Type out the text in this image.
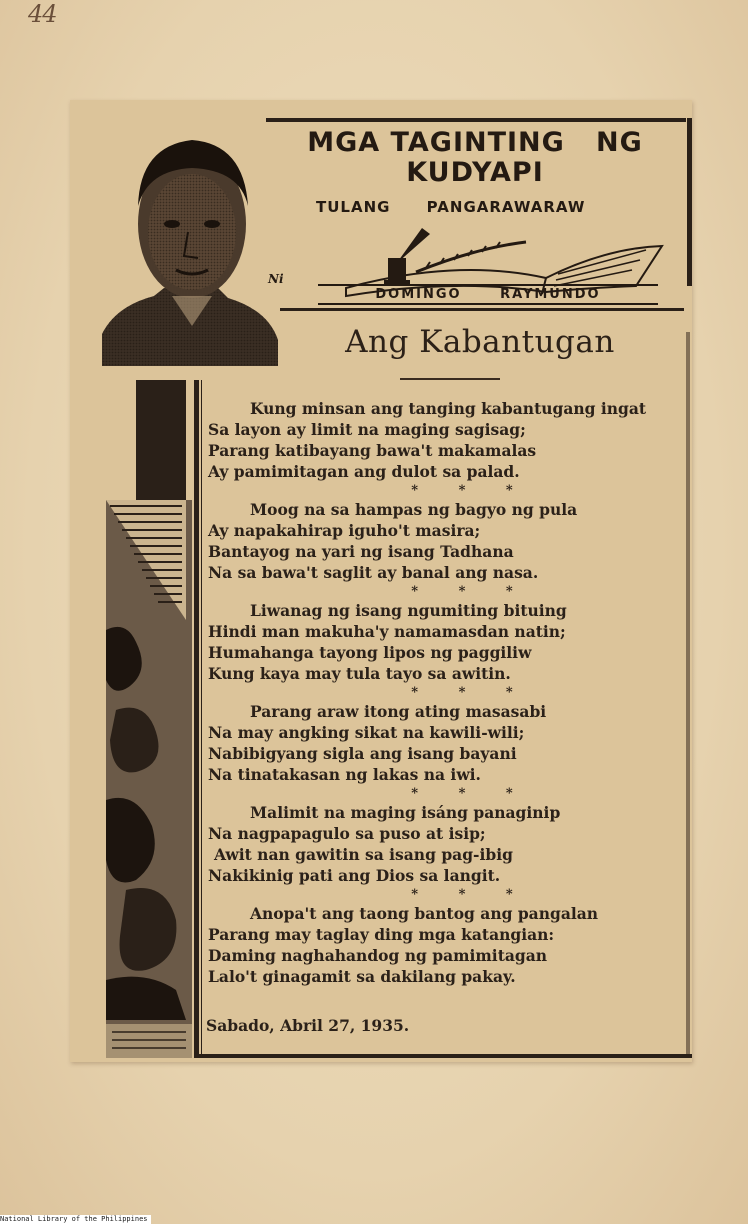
44
MGA TAGINTING   NG
KUDYAPI
TULANG PANGARAWARAW
Ni
DOMINGO RAYMUNDO
Ang Kabantugan
Kung minsan ang tanging kabantugang ingat
Sa layon ay limit na maging sagisag;
Parang katibayang bawa't makamalas
Ay pamimitagan ang dulot sa palad.
* * *
Moog na sa hampas ng bagyo ng pula
Ay napakahirap iguho't masira;
Bantayog na yari ng isang Tadhana
Na sa bawa't saglit ay banal ang nasa.
* * *
Liwanag ng isang ngumiting bituing
Hindi man makuha'y namamasdan natin;
Humahanga tayong lipos ng paggiliw
Kung kaya may tula tayo sa awitin.
* * *
Parang araw itong ating masasabi
Na may angking sikat na kawili-wili;
Nabibigyang sigla ang isang bayani
Na tinatakasan ng lakas na iwi.
* * *
Malimit na maging isáng panaginip
Na nagpapagulo sa puso at isip;
Awit nan gawitin sa isang pag-ibig
Nakikinig pati ang Dios sa langit.
* * *
Anopa't ang taong bantog ang pangalan
Parang may taglay ding mga katangian:
Daming naghahandog ng pamimitagan
Lalo't ginagamit sa dakilang pakay.
Sabado, Abril 27, 1935.
National Library of the Philippines
